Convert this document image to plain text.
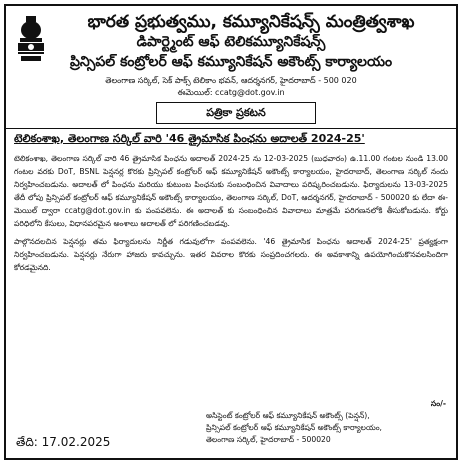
భారత ప్రభుత్వము, కమ్యూనికేషన్స్ మంత్రిత్వశాఖ
డిపార్ట్మెంట్ ఆఫ్ టెలికమ్యూనికేషన్స్
ప్రిన్సిపల్ కంట్రోలర్ ఆఫ్ కమ్యూనికేషన్ అకౌంట్స్ కార్యాలయం
తెలంగాణ సర్కిల్, సెక్ పాక్స్ టెలికాం భవన్, ఆదర్శనగర్, హైదరాబాద్ - 500 020
ఈమెయిల్: ccatg@dot.gov.in
పత్రికా ప్రకటన
టెలికంశాఖ, తెలంగాణ సర్కిల్ వారి '46 త్రైమాసిక పింఛను అదాలత్ 2024-25'

టెలికంశాఖ, తెలంగాణ సర్కిల్ వారి 46 త్రైమాసిక పింఛను అదాలత్ 2024-25 ను 12-03-2025 (బుధవారం) ఉ.11.00 గంటల నుండి 13.00 గంటల వరకు DoT, BSNL పెన్షనర్ల కొరకు ప్రిన్సిపల్ కంట్రోలర్ ఆఫ్ కమ్యూనికేషన్ అకౌంట్స్ కార్యాలయం, హైదరాబాద్, తెలంగాణ సర్కిల్ నందు నిర్వహించబడును. అదాలత్ లో పింఛను మరియు కుటుంబ పింఛనుకు సంబంధించిన వివాదాలు పరిష్కరించబడును. ఫిర్యాదులను 13-03-2025 తేదీ లోపు ప్రిన్సిపల్ కంట్రోలర్ ఆఫ్ కమ్యూనికేషన్ అకౌంట్స్ కార్యాలయం, తెలంగాణ సర్కిల్, DoT, ఆదర్శనగర్, హైదరాబాద్ - 500020 కు లేదా ఈ-మెయిల్ ద్వారా ccatg@dot.gov.in కు పంపవలెను. ఈ అదాలత్ కు సంబంధించిన వివాదాలు మాత్రమే పరిగణనలోకి తీసుకోబడును. కోర్టు పరిధిలోని కేసులు, విధానపరమైన అంశాలు అదాలత్ లో పరిగణించబడవు.

పాల్గొనదలచిన పెన్షనర్లు తమ ఫిర్యాదులను నిర్ణీత గడువులోగా పంపవలెను. '46 త్రైమాసిక పింఛను అదాలత్ 2024-25' ప్రత్యక్షంగా నిర్వహించబడును. పెన్షనర్లు నేరుగా హాజరు కావచ్చును. ఇతర వివరాల కొరకు సంప్రదించగలరు. ఈ అవకాశాన్ని ఉపయోగించుకొనవలసిందిగా కోరడమైనది.

సం/-
అసిస్టెంట్ కంట్రోలర్ ఆఫ్ కమ్యూనికేషన్ అకౌంట్స్ (పెన్షన్),
ప్రిన్సిపల్ కంట్రోలర్ ఆఫ్ కమ్యూనికేషన్ అకౌంట్స్ కార్యాలయం,
తెలంగాణ సర్కిల్, హైదరాబాద్ - 500020
తేది: 17.02.2025
